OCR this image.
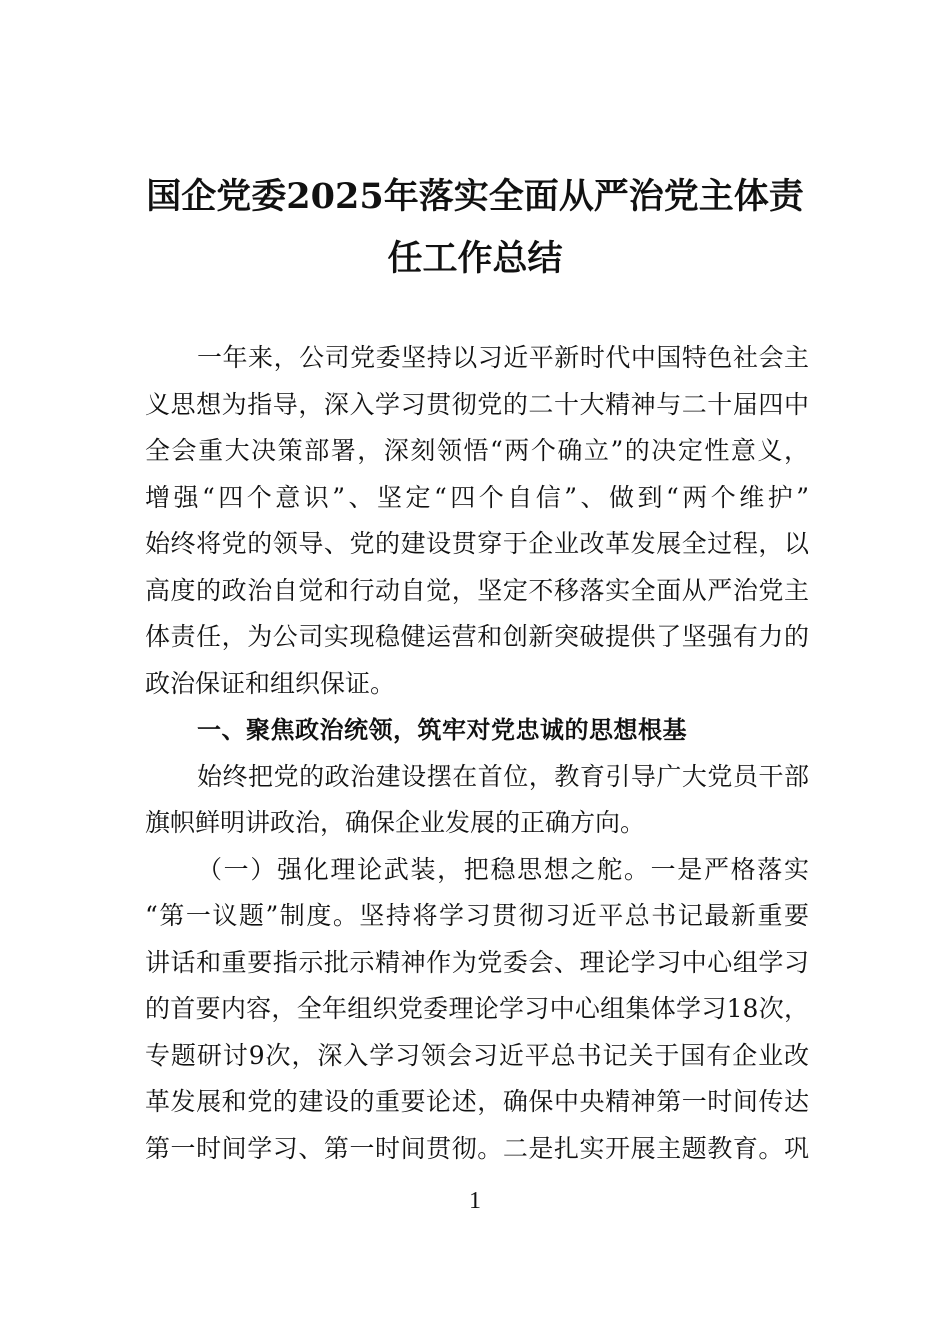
国企党委2025年落实全面从严治党主体责
任工作总结
一年来，公司党委坚持以习近平新时代中国特色社会主
义思想为指导，深入学习贯彻党的二十大精神与二十届四中
全会重大决策部署，深刻领悟“两个确立”的决定性意义，
增强“四个意识”、坚定“四个自信”、做到“两个维护”
始终将党的领导、党的建设贯穿于企业改革发展全过程，以
高度的政治自觉和行动自觉，坚定不移落实全面从严治党主
体责任，为公司实现稳健运营和创新突破提供了坚强有力的
政治保证和组织保证。
一、聚焦政治统领，筑牢对党忠诚的思想根基
始终把党的政治建设摆在首位，教育引导广大党员干部
旗帜鲜明讲政治，确保企业发展的正确方向。
（一）强化理论武装，把稳思想之舵。一是严格落实
“第一议题”制度。坚持将学习贯彻习近平总书记最新重要
讲话和重要指示批示精神作为党委会、理论学习中心组学习
的首要内容，全年组织党委理论学习中心组集体学习18次，
专题研讨9次，深入学习领会习近平总书记关于国有企业改
革发展和党的建设的重要论述，确保中央精神第一时间传达
第一时间学习、第一时间贯彻。二是扎实开展主题教育。巩
1
